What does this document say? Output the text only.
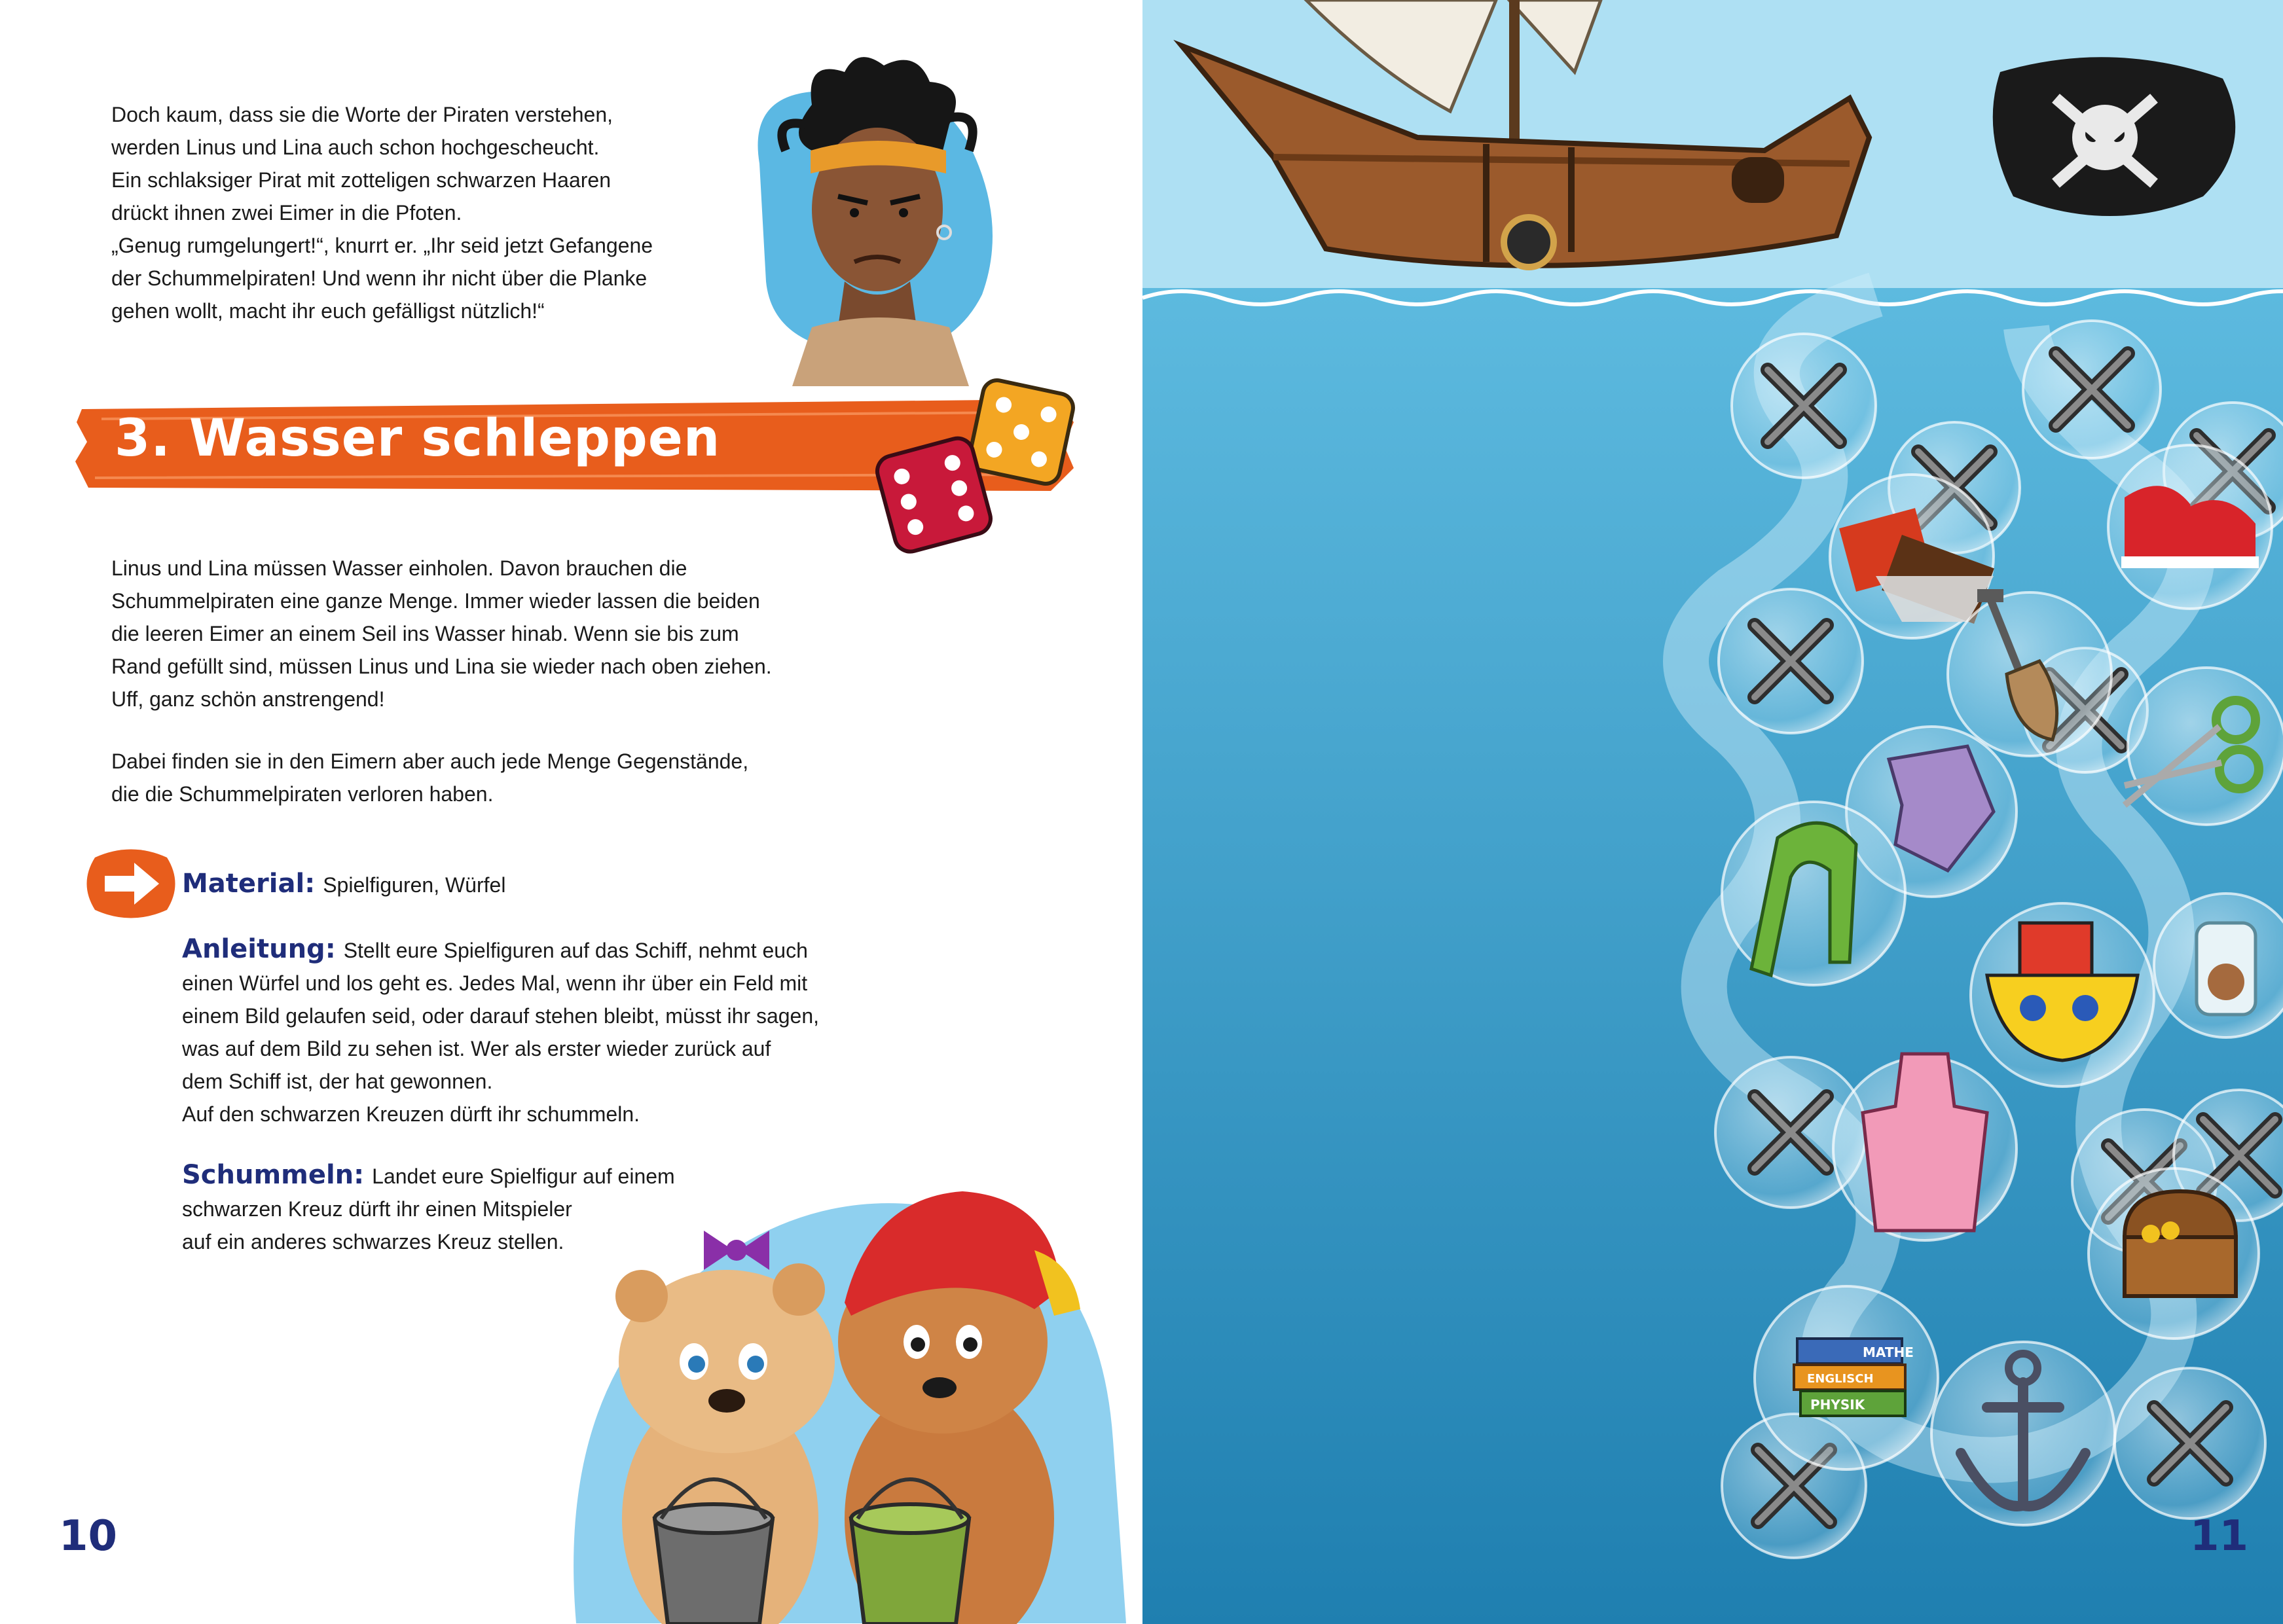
Doch kaum, dass sie die Worte der Piraten verstehen,

werden Linus und Lina auch schon hochgescheucht.

Ein schlaksiger Pirat mit zotteligen schwarzen Haaren

drückt ihnen zwei Eimer in die Pfoten.

„Genug rumgelungert!“, knurrt er. „Ihr seid jetzt Gefangene

der Schummelpiraten! Und wenn ihr nicht über die Planke

gehen wollt, macht ihr euch gefälligst nützlich!“

3. Wasser schleppen

Linus und Lina müssen Wasser einholen. Davon brauchen die

Schummelpiraten eine ganze Menge. Immer wieder lassen die beiden

die leeren Eimer an einem Seil ins Wasser hinab. Wenn sie bis zum

Rand gefüllt sind, müssen Linus und Lina sie wieder nach oben ziehen.

Uff, ganz schön anstrengend!

Dabei finden sie in den Eimern aber auch jede Menge Gegenstände,

die die Schummelpiraten verloren haben.

Material: Spielfiguren, Würfel

Anleitung: Stellt eure Spielfiguren auf das Schiff, nehmt euch

einen Würfel und los geht es. Jedes Mal, wenn ihr über ein Feld mit

einem Bild gelaufen seid, oder darauf stehen bleibt, müsst ihr sagen,

was auf dem Bild zu sehen ist. Wer als erster wieder zurück auf

dem Schiff ist, der hat gewonnen.

Auf den schwarzen Kreuzen dürft ihr schummeln.

Schummeln: Landet eure Spielfigur auf einem

schwarzen Kreuz dürft ihr einen Mitspieler

auf ein anderes schwarzes Kreuz stellen.

10
MATHE
ENGLISCH
PHYSIK
11
